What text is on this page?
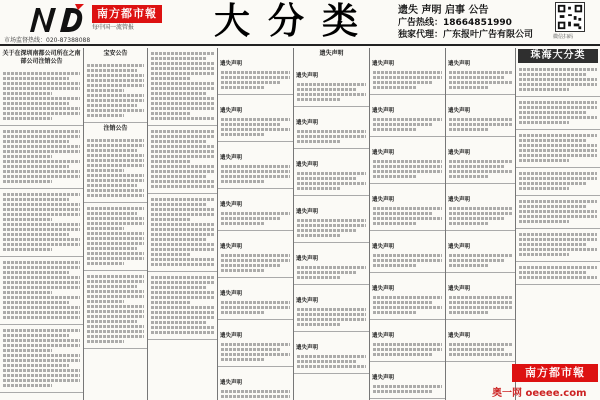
南方都市報
每中国一流管报
市场监督热线：020-87388088	大分类 遗失 声明 启事 公告
广告热线：18664851990
独家代理：广东报叶广告有限公司	微信扫码
关于在深圳南都公司所在之南部公司注销公告
宝安公告
注销公告
遗失声明
遗失声明
遗失声明
遗失声明
遗失声明
遗失声明
遗失声明
遗失声明
遗失声明
遗失声明
遗失声明
遗失声明
遗失声明
遗失声明
遗失声明
遗失声明
遗失声明
遗失声明
遗失声明
遗失声明
遗失声明
遗失声明
遗失声明
遗失声明
遗失声明
遗失声明
遗失声明
遗失声明
遗失声明
遗失声明
遗失声明
珠海大分类
南方都市報
奥一网 oeeee.com
